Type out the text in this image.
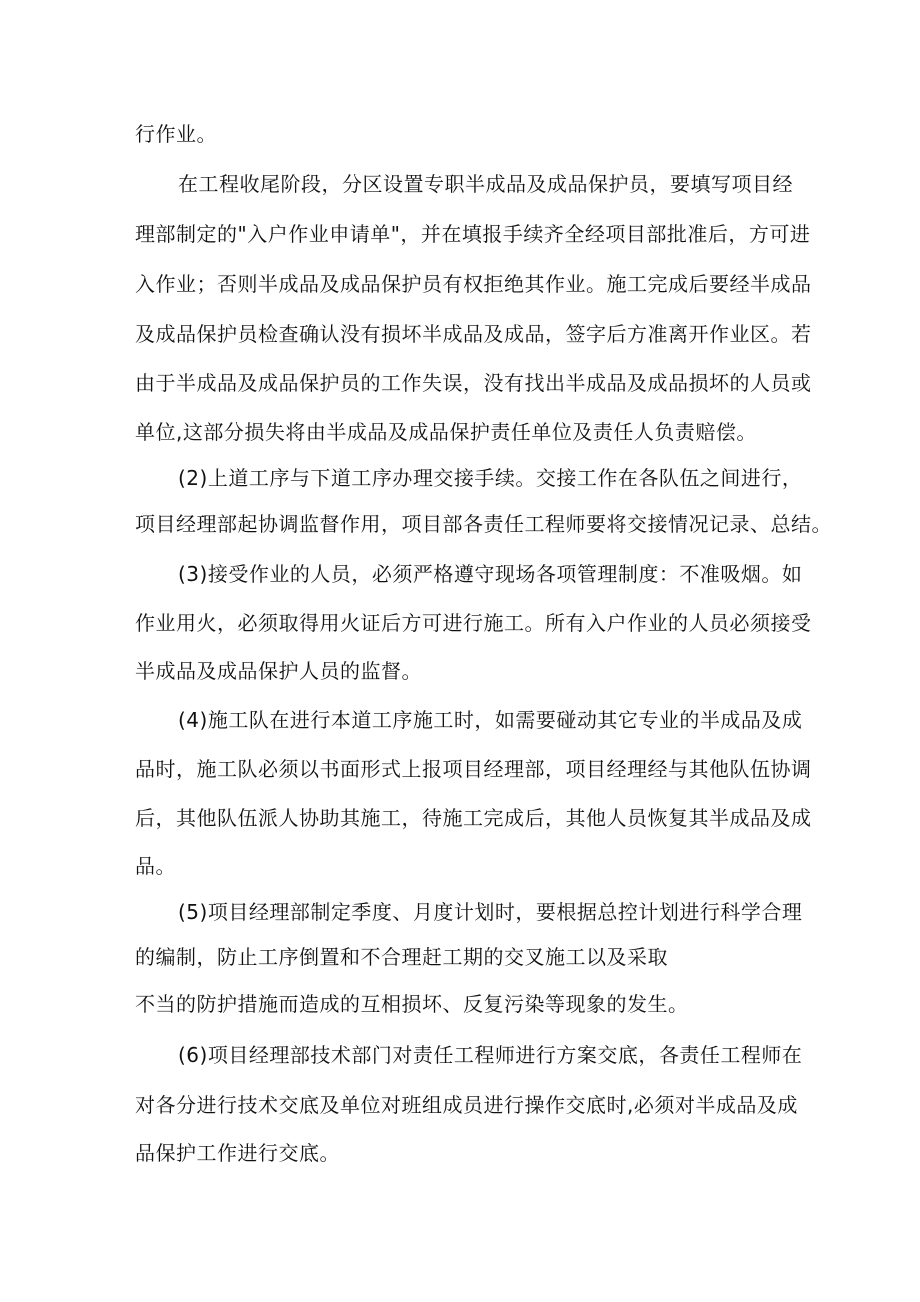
行作业。
在工程收尾阶段，分区设置专职半成品及成品保护员，要填写项目经
理部制定的"入户作业申请单"，并在填报手续齐全经项目部批准后，方可进
入作业；否则半成品及成品保护员有权拒绝其作业。施工完成后要经半成品
及成品保护员检查确认没有损坏半成品及成品，签字后方准离开作业区。若
由于半成品及成品保护员的工作失误，没有找出半成品及成品损坏的人员或
单位,这部分损失将由半成品及成品保护责任单位及责任人负责赔偿。
(2)上道工序与下道工序办理交接手续。交接工作在各队伍之间进行，
项目经理部起协调监督作用，项目部各责任工程师要将交接情况记录、总结。
(3)接受作业的人员，必须严格遵守现场各项管理制度：不准吸烟。如
作业用火，必须取得用火证后方可进行施工。所有入户作业的人员必须接受
半成品及成品保护人员的监督。
(4)施工队在进行本道工序施工时，如需要碰动其它专业的半成品及成
品时，施工队必须以书面形式上报项目经理部，项目经理经与其他队伍协调
后，其他队伍派人协助其施工，待施工完成后，其他人员恢复其半成品及成
品。
(5)项目经理部制定季度、月度计划时，要根据总控计划进行科学合理
的编制，防止工序倒置和不合理赶工期的交叉施工以及采取
不当的防护措施而造成的互相损坏、反复污染等现象的发生。
(6)项目经理部技术部门对责任工程师进行方案交底，各责任工程师在
对各分进行技术交底及单位对班组成员进行操作交底时,必须对半成品及成
品保护工作进行交底。
